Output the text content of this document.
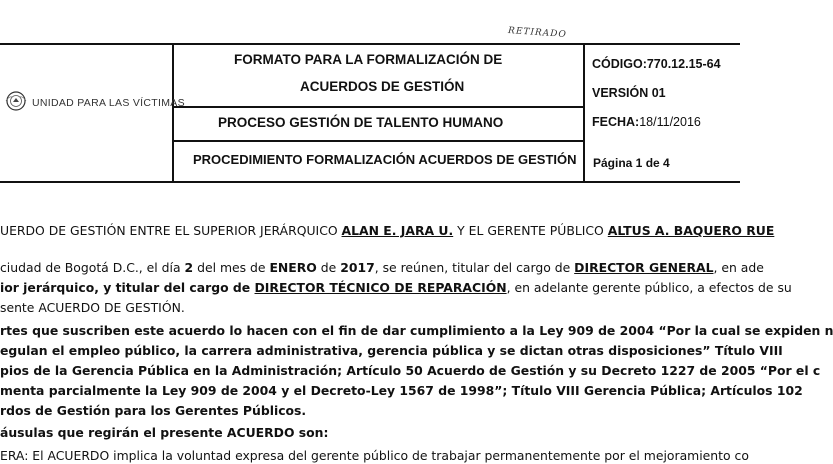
RETIRADO
UNIDAD PARA LAS VÍCTIMAS
FORMATO PARA LA FORMALIZACIÓN DE
ACUERDOS DE GESTIÓN
PROCESO GESTIÓN DE TALENTO HUMANO
PROCEDIMIENTO FORMALIZACIÓN ACUERDOS DE GESTIÓN
CÓDIGO:770.12.15-64
VERSIÓN 01
FECHA:18/11/2016
Página 1 de 4
UERDO DE GESTIÓN ENTRE EL SUPERIOR JERÁRQUICO ALAN E. JARA U. Y EL GERENTE PÚBLICO ALTUS A. BAQUERO RUE
ciudad de Bogotá D.C., el día 2 del mes de ENERO de 2017, se reúnen, titular del cargo de DIRECTOR GENERAL, en ade
ior jerárquico, y titular del cargo de DIRECTOR TÉCNICO DE REPARACIÓN, en adelante gerente público, a efectos de su
sente ACUERDO DE GESTIÓN.
rtes que suscriben este acuerdo lo hacen con el fin de dar cumplimiento a la Ley 909 de 2004 “Por la cual se expiden n
egulan el empleo público, la carrera administrativa, gerencia pública y se dictan otras disposiciones” Título VIII
pios de la Gerencia Pública en la Administración; Artículo 50 Acuerdo de Gestión y su Decreto 1227 de 2005 “Por el c
menta parcialmente la Ley 909 de 2004 y el Decreto-Ley 1567 de 1998”; Título VIII Gerencia Pública; Artículos 102
rdos de Gestión para los Gerentes Públicos.
áusulas que regirán el presente ACUERDO son:
ERA: El ACUERDO implica la voluntad expresa del gerente público de trabajar permanentemente por el mejoramiento co
